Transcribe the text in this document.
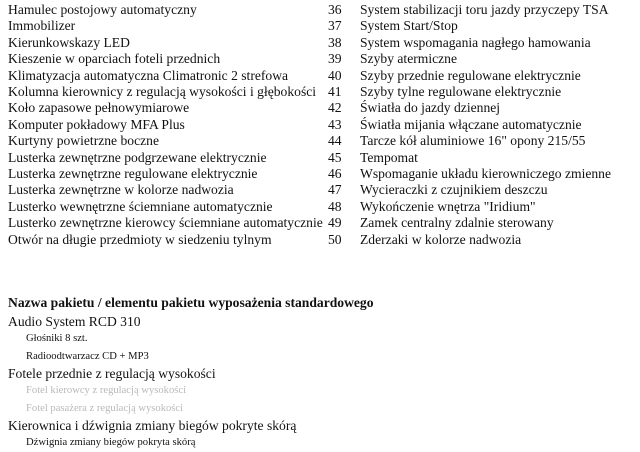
Hamulec postojowy automatyczny	36	System stabilizacji toru jazdy przyczepy TSA
Immobilizer	37	System Start/Stop
Kierunkowskazy LED	38	System wspomagania nagłego hamowania
Kieszenie w oparciach foteli przednich	39	Szyby atermiczne
Klimatyzacja automatyczna Climatronic 2 strefowa	40	Szyby przednie regulowane elektrycznie
Kolumna kierownicy z regulacją wysokości i głębokości 41	Szyby tylne regulowane elektrycznie
Koło zapasowe pełnowymiarowe	42	Światła do jazdy dziennej
Komputer pokładowy MFA Plus	43	Światła mijania włączane automatycznie
Kurtyny powietrzne boczne	44	Tarcze kół aluminiowe 16" opony 215/55
Lusterka zewnętrzne podgrzewane elektrycznie	45	Tempomat
Lusterka zewnętrzne regulowane elektrycznie	46	Wspomaganie układu kierowniczego zmienne
Lusterka zewnętrzne w kolorze nadwozia	47	Wycieraczki z czujnikiem deszczu
Lusterko wewnętrzne ściemniane automatycznie	48	Wykończenie wnętrza "Iridium"
Lusterko zewnętrzne kierowcy ściemniane automatycznie 49	Zamek centralny zdalnie sterowany
Otwór na długie przedmioty w siedzeniu tylnym	50	Zderzaki w kolorze nadwozia
Nazwa pakietu / elementu pakietu wyposażenia standardowego
Audio System RCD 310
Głośniki 8 szt.
Radioodtwarzacz CD + MP3
Fotele przednie z regulacją wysokości
Fotel kierowcy z regulacją wysokości
Fotel pasażera z regulacją wysokości
Kierownica i dźwignia zmiany biegów pokryte skórą
Dźwignia zmiany biegów pokryta skórą
